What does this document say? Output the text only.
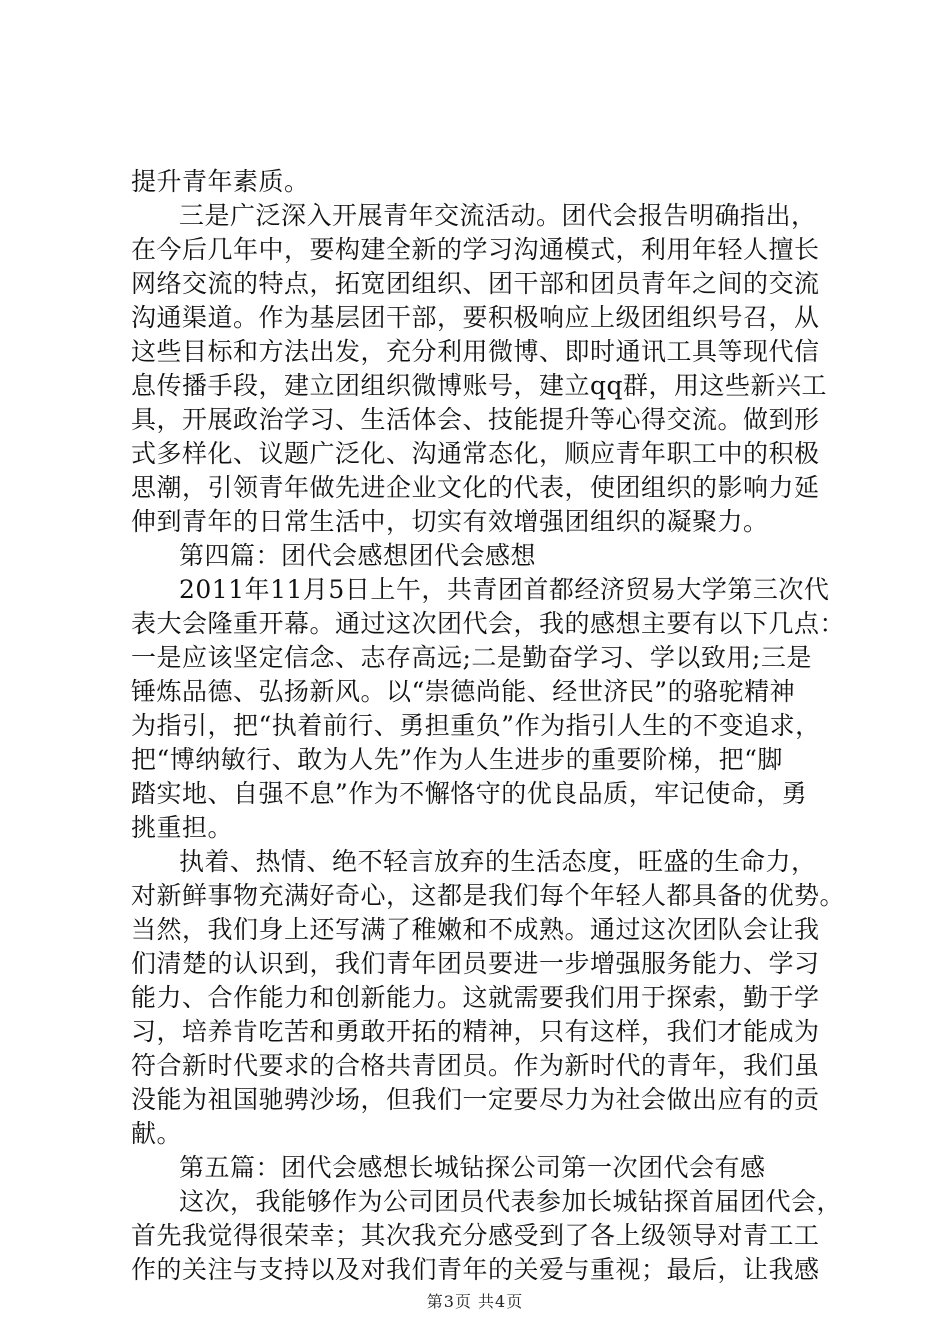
提升青年素质。
三是广泛深入开展青年交流活动。团代会报告明确指出，
在今后几年中，要构建全新的学习沟通模式，利用年轻人擅长
网络交流的特点，拓宽团组织、团干部和团员青年之间的交流
沟通渠道。作为基层团干部，要积极响应上级团组织号召，从
这些目标和方法出发，充分利用微博、即时通讯工具等现代信
息传播手段，建立团组织微博账号，建立qq群，用这些新兴工
具，开展政治学习、生活体会、技能提升等心得交流。做到形
式多样化、议题广泛化、沟通常态化，顺应青年职工中的积极
思潮，引领青年做先进企业文化的代表，使团组织的影响力延
伸到青年的日常生活中，切实有效增强团组织的凝聚力。
第四篇：团代会感想团代会感想
2011年11月5日上午，共青团首都经济贸易大学第三次代
表大会隆重开幕。通过这次团代会，我的感想主要有以下几点：
一是应该坚定信念、志存高远;二是勤奋学习、学以致用;三是
锤炼品德、弘扬新风。以“崇德尚能、经世济民”的骆驼精神
为指引，把“执着前行、勇担重负”作为指引人生的不变追求，
把“博纳敏行、敢为人先”作为人生进步的重要阶梯，把“脚
踏实地、自强不息”作为不懈恪守的优良品质，牢记使命，勇
挑重担。
执着、热情、绝不轻言放弃的生活态度，旺盛的生命力，
对新鲜事物充满好奇心，这都是我们每个年轻人都具备的优势。
当然，我们身上还写满了稚嫩和不成熟。通过这次团队会让我
们清楚的认识到，我们青年团员要进一步增强服务能力、学习
能力、合作能力和创新能力。这就需要我们用于探索，勤于学
习，培养肯吃苦和勇敢开拓的精神，只有这样，我们才能成为
符合新时代要求的合格共青团员。作为新时代的青年，我们虽
没能为祖国驰骋沙场，但我们一定要尽力为社会做出应有的贡
献。
第五篇：团代会感想长城钻探公司第一次团代会有感
这次，我能够作为公司团员代表参加长城钻探首届团代会，
首先我觉得很荣幸；其次我充分感受到了各上级领导对青工工
作的关注与支持以及对我们青年的关爱与重视；最后，让我感
第3页 共4页
